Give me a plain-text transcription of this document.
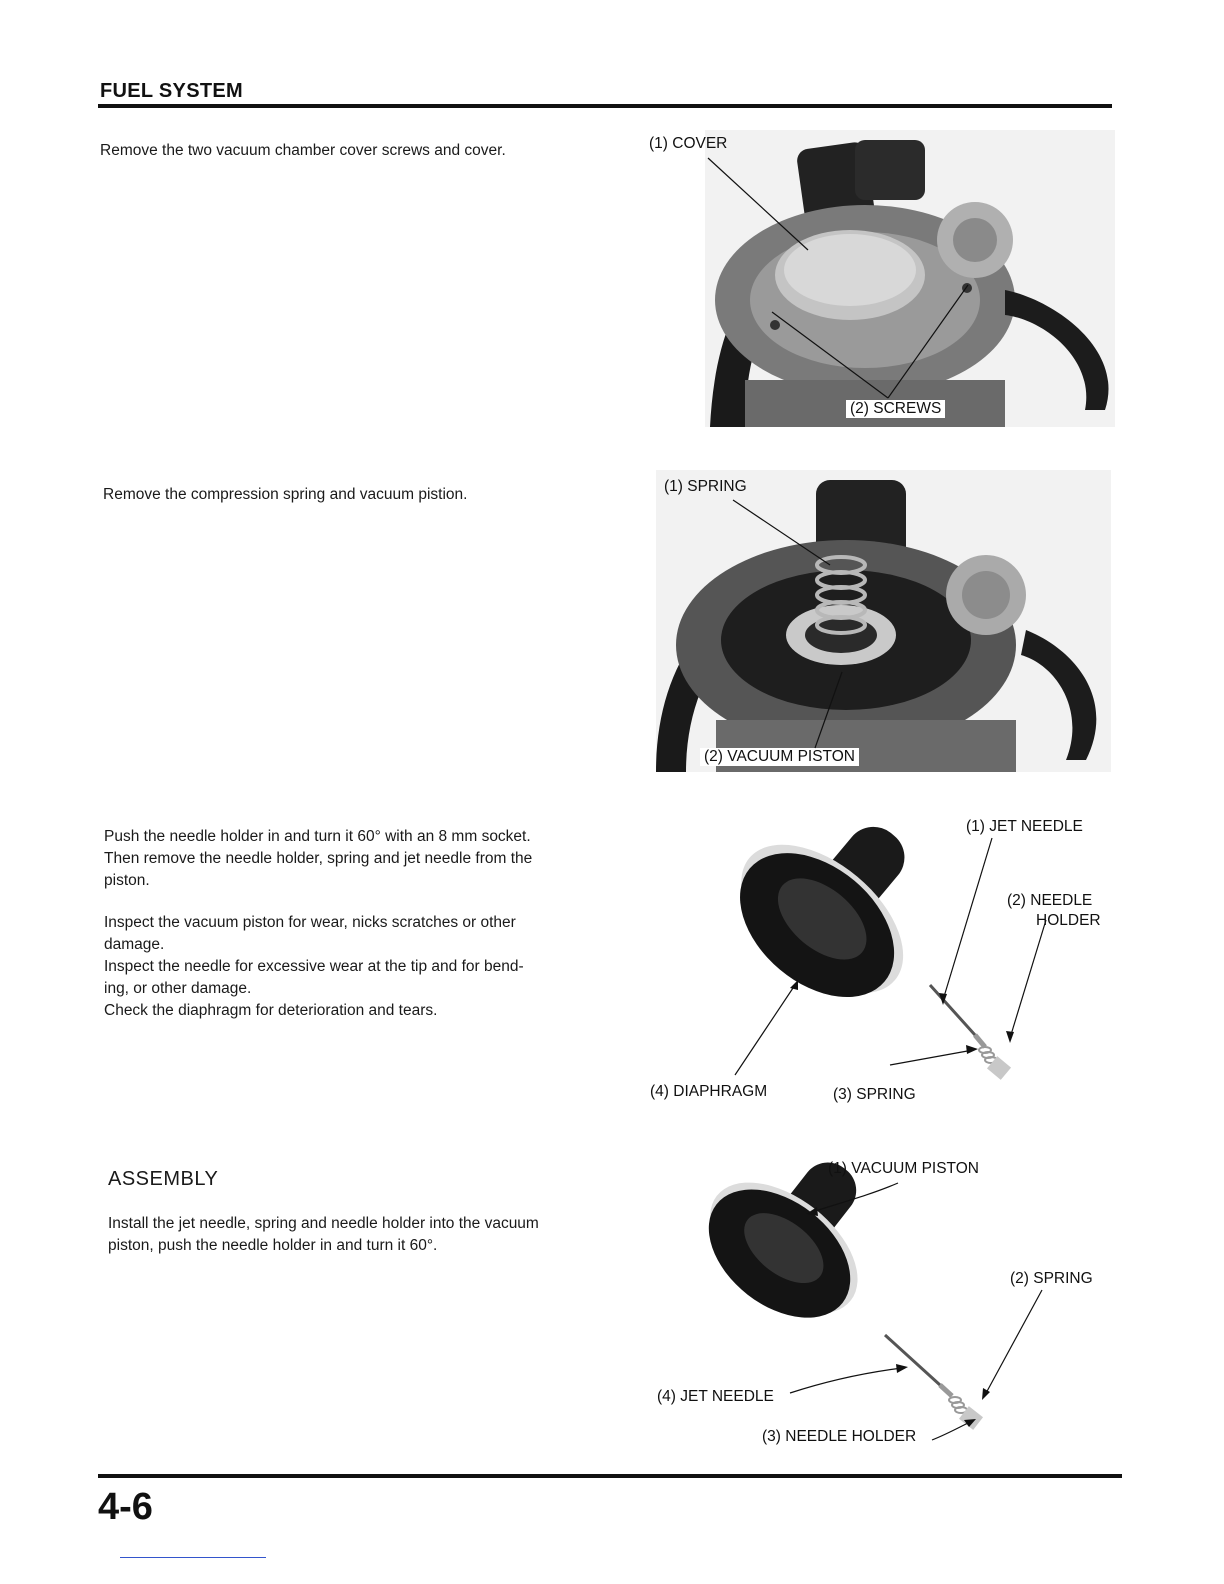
FUEL SYSTEM
Remove the two vacuum chamber cover screws and cover.	(1) COVER
(2) SCREWS
Remove the compression spring and vacuum pistion.	(1) SPRING
(2) VACUUM PISTON
Push the needle holder in and turn it 60° with an 8 mm socket.
Then remove the needle holder, spring and jet needle from the
piston.
Inspect the vacuum piston for wear, nicks scratches or other
damage.
Inspect the needle for excessive wear at the tip and for bend-
ing, or other damage.
Check the diaphragm for deterioration and tears.
(1) JET NEEDLE
(2) NEEDLE
HOLDER
(4) DIAPHRAGM	(3) SPRING
ASSEMBLY
Install the jet needle, spring and needle holder into the vacuum
piston, push the needle holder in and turn it 60°.
(1) VACUUM PISTON
(2) SPRING
(4) JET NEEDLE
(3) NEEDLE HOLDER
4-6
